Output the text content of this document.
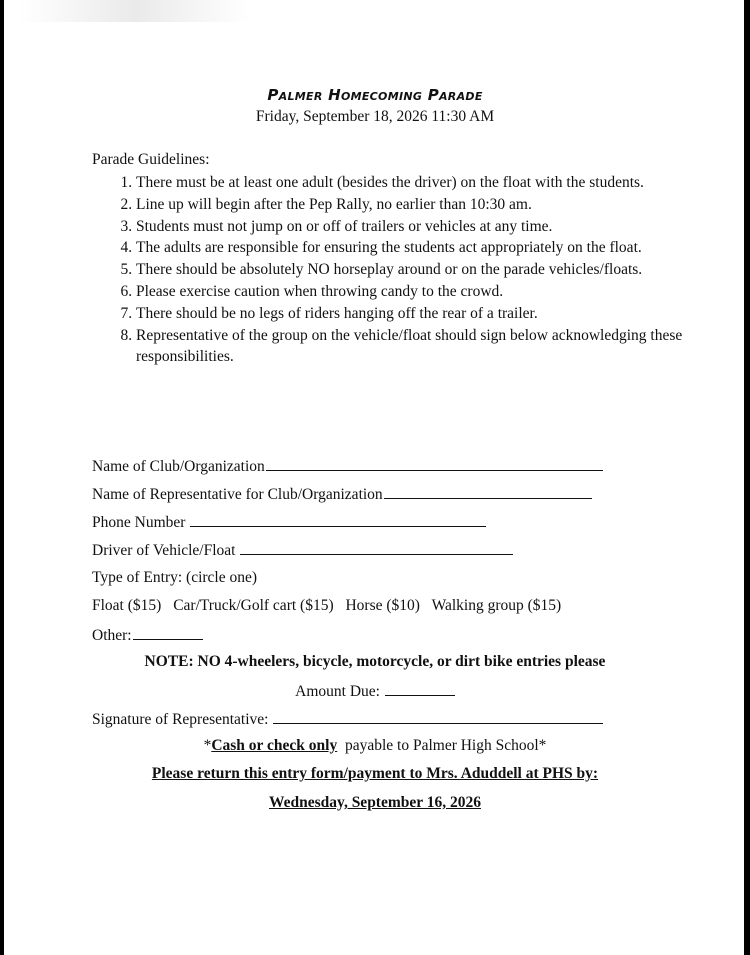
Palmer Homecoming Parade
Friday, September 18, 2026 11:30 AM
Parade Guidelines:
1. There must be at least one adult (besides the driver) on the float with the students.
2. Line up will begin after the Pep Rally, no earlier than 10:30 am.
3. Students must not jump on or off of trailers or vehicles at any time.
4. The adults are responsible for ensuring the students act appropriately on the float.
5. There should be absolutely NO horseplay around or on the parade vehicles/floats.
6. Please exercise caution when throwing candy to the crowd.
7. There should be no legs of riders hanging off the rear of a trailer.
8. Representative of the group on the vehicle/float should sign below acknowledging these responsibilities.
Name of Club/Organization
Name of Representative for Club/Organization
Phone Number
Driver of Vehicle/Float
Type of Entry: (circle one)
Float ($15) Car/Truck/Golf cart ($15) Horse ($10) Walking group ($15)
Other:
NOTE: NO 4-wheelers, bicycle, motorcycle, or dirt bike entries please
Amount Due:
Signature of Representative:
*Cash or check only  payable to Palmer High School*
Please return this entry form/payment to Mrs. Aduddell at PHS by:
Wednesday, September 16, 2026
